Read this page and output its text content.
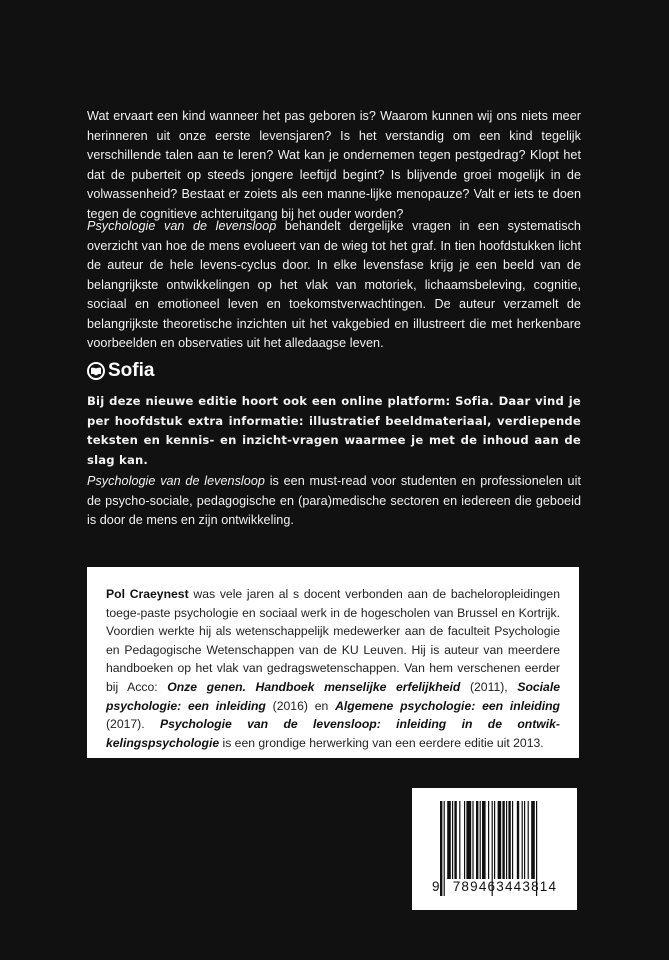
Wat ervaart een kind wanneer het pas geboren is? Waarom kunnen wij ons niets meer herinneren uit onze eerste levensjaren? Is het verstandig om een kind tegelijk verschillende talen aan te leren? Wat kan je ondernemen tegen pestgedrag? Klopt het dat de puberteit op steeds jongere leeftijd begint? Is blijvende groei mogelijk in de volwassenheid? Bestaat er zoiets als een manne-lijke menopauze? Valt er iets te doen tegen de cognitieve achteruitgang bij het ouder worden?

Psychologie van de levensloop behandelt dergelijke vragen in een systematisch overzicht van hoe de mens evolueert van de wieg tot het graf. In tien hoofdstukken licht de auteur de hele levens-cyclus door. In elke levensfase krijg je een beeld van de belangrijkste ontwikkelingen op het vlak van motoriek, lichaamsbeleving, cognitie, sociaal en emotioneel leven en toekomstverwachtingen. De auteur verzamelt de belangrijkste theoretische inzichten uit het vakgebied en illustreert die met herkenbare voorbeelden en observaties uit het alledaagse leven.

Sofia

Bij deze nieuwe editie hoort ook een online platform: Sofia. Daar vind je per hoofdstuk extra informatie: illustratief beeldmateriaal, verdiepende teksten en kennis- en inzicht-vragen waarmee je met de inhoud aan de slag kan.

Psychologie van de levensloop is een must-read voor studenten en professionelen uit de psycho-sociale, pedagogische en (para)medische sectoren en iedereen die geboeid is door de mens en zijn ontwikkeling.

Pol Craeynest was vele jaren al s docent verbonden aan de bacheloropleidingen toege-paste psychologie en sociaal werk in de hogescholen van Brussel en Kortrijk. Voordien werkte hij als wetenschappelijk medewerker aan de faculteit Psychologie en Pedagogische Wetenschappen van de KU Leuven. Hij is auteur van meerdere handboeken op het vlak van gedragswetenschappen. Van hem verschenen eerder bij Acco: Onze genen. Handboek menselijke erfelijkheid (2011), Sociale psychologie: een inleiding (2016) en Algemene psychologie: een inleiding (2017). Psychologie van de levensloop: inleiding in de ontwik-kelingspsychologie is een grondige herwerking van een eerdere editie uit 2013.

9 789463443814
